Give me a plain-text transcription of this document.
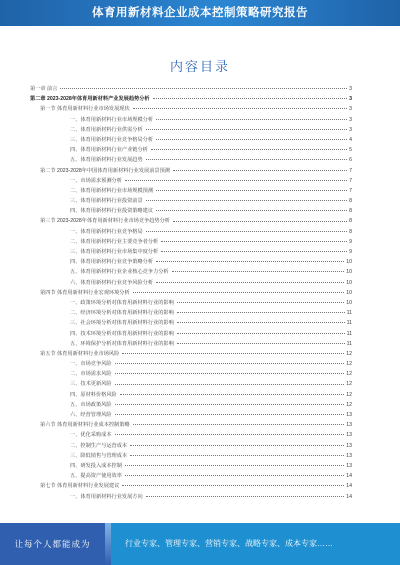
体育用新材料企业成本控制策略研究报告
内容目录
第一章 前言	3
第二章 2023-2028年体育用新材料产业发展趋势分析	3
第一节 体育用新材料行业市场发展现状	3
一、体育用新材料行业市场规模分析	3
二、体育用新材料行业供需分析	3
三、体育用新材料行业竞争格局分析	4
四、体育用新材料行业产业链分析	5
五、体育用新材料行业发展趋势	6
第二节 2023-2028年中国体育用新材料行业发展前景预测	7
一、市场需求预测分析	7
二、体育用新材料行业市场规模预测	7
三、体育用新材料行业投资前景	8
四、体育用新材料行业投资策略建议	8
第三节 2023-2028年体育用新材料行业市场竞争趋势分析	8
一、体育用新材料行业竞争格局	8
二、体育用新材料行业主要竞争者分析	9
三、体育用新材料行业市场集中度分析	9
四、体育用新材料行业竞争策略分析	10
五、体育用新材料行业企业核心竞争力分析	10
六、体育用新材料行业竞争风险分析	10
第四节 体育用新材料行业宏观环境分析	10
一、政策环境分析对体育用新材料行业的影响	10
二、经济环境分析对体育用新材料行业的影响	11
三、社会环境分析对体育用新材料行业的影响	11
四、技术环境分析对体育用新材料行业的影响	11
五、环境保护分析对体育用新材料行业的影响	11
第五节 体育用新材料行业市场风险	12
一、市场竞争风险	12
二、市场需求风险	12
三、技术更新风险	12
四、原材料价格风险	12
五、市场政策风险	12
六、经营管理风险	13
第六节 体育用新材料行业成本控制策略	13
一、优化采购成本	13
二、控制生产与运营成本	13
三、降低销售与管理成本	13
四、研发投入成本控制	13
五、提高资产使用效率	14
第七节 体育用新材料行业发展建议	14
一、体育用新材料行业发展方向	14
让每个人都能成为	行业专家、管理专家、营销专家、战略专家、成本专家……
